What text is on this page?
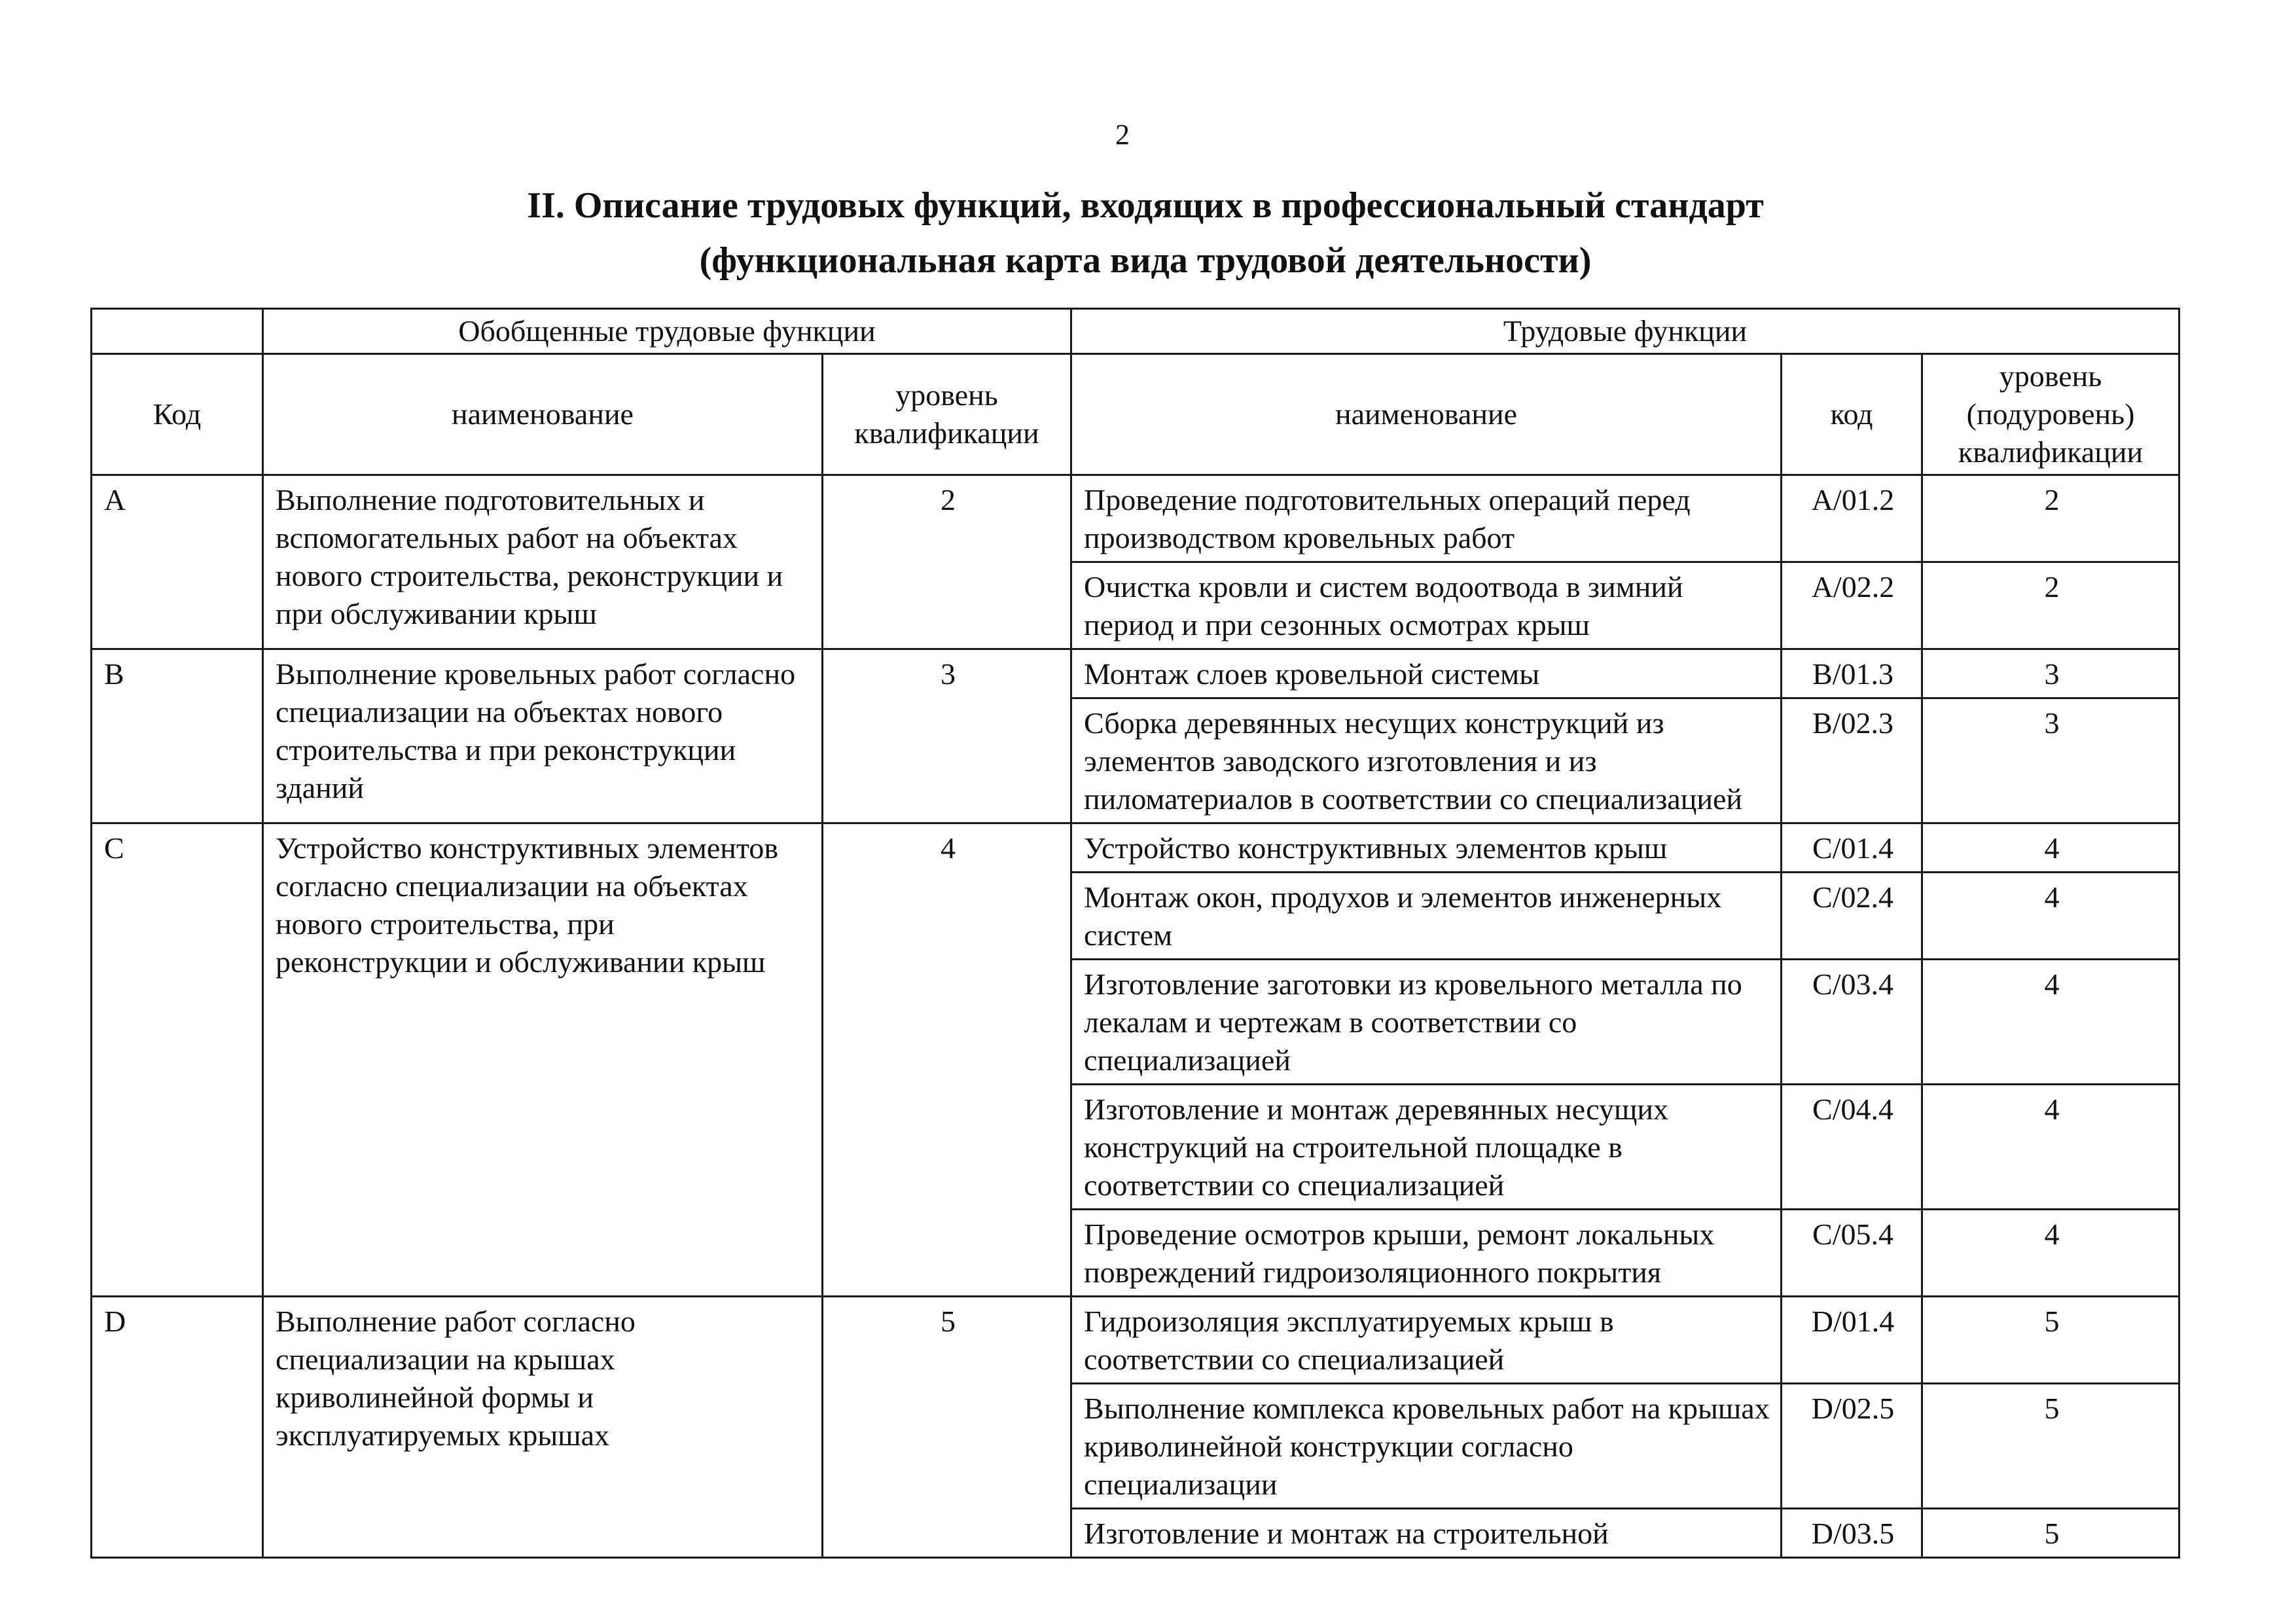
2
II. Описание трудовых функций, входящих в профессиональный стандарт
(функциональная карта вида трудовой деятельности)
	Обобщенные трудовые функции		Трудовые функции		
Код	наименование	уровень квалификации	наименование	код	уровень (подуровень) квалификации
A	Выполнение подготовительных и вспомогательных работ на объектах нового строительства, реконструкции и при обслуживании крыш	2	Проведение подготовительных операций перед производством кровельных работ	A/01.2	2
			Очистка кровли и систем водоотвода в зимний период и при сезонных осмотрах крыш	A/02.2	2
B	Выполнение кровельных работ согласно специализации на объектах нового строительства и при реконструкции зданий	3	Монтаж слоев кровельной системы	B/01.3	3
			Сборка деревянных несущих конструкций из элементов заводского изготовления и из пиломатериалов в соответствии со специализацией	B/02.3	3
C	Устройство конструктивных элементов согласно специализации на объектах нового строительства, при реконструкции и обслуживании крыш	4	Устройство конструктивных элементов крыш	C/01.4	4
			Монтаж окон, продухов и элементов инженерных систем	C/02.4	4
			Изготовление заготовки из кровельного металла по лекалам и чертежам в соответствии со специализацией	C/03.4	4
			Изготовление и монтаж деревянных несущих конструкций на строительной площадке в соответствии со специализацией	C/04.4	4
			Проведение осмотров крыши, ремонт локальных повреждений гидроизоляционного покрытия	C/05.4	4
D	Выполнение работ согласно специализации на крышах криволинейной формы и эксплуатируемых крышах	5	Гидроизоляция эксплуатируемых крыш в соответствии со специализацией	D/01.4	5
			Выполнение комплекса кровельных работ на крышах криволинейной конструкции согласно специализации	D/02.5	5
			Изготовление и монтаж на строительной	D/03.5	5
